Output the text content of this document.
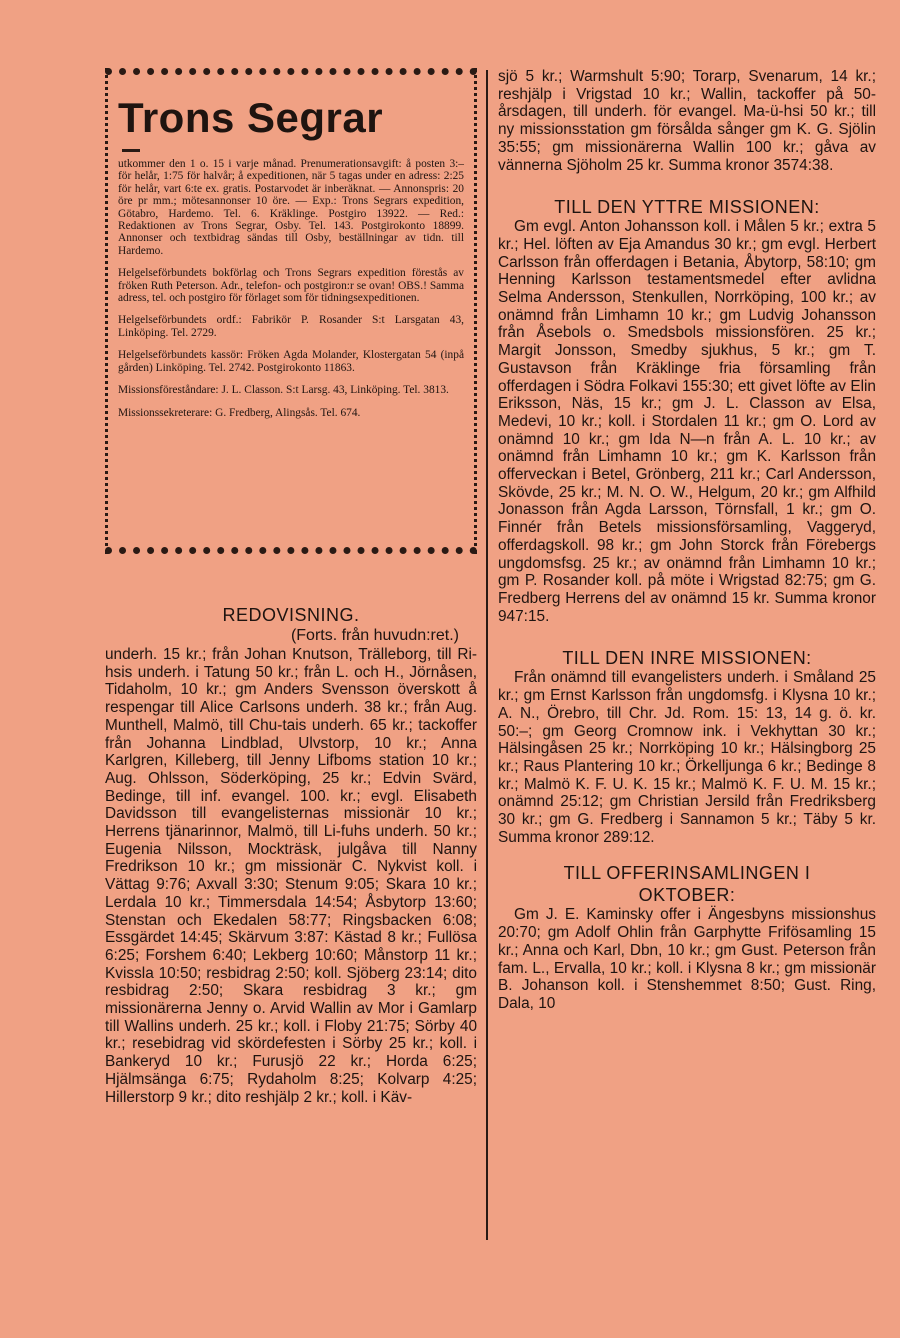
Trons Segrar

utkommer den 1 o. 15 i varje månad. Prenumerationsavgift: å posten 3:– för helår, 1:75 för halvår; å expeditionen, när 5 tagas under en adress: 2:25 för helår, vart 6:te ex. gratis. Postarvodet är inberäknat. — Annonspris: 20 öre pr mm.; mötesannonser 10 öre. — Exp.: Trons Segrars expedition, Götabro, Hardemo. Tel. 6. Kräklinge. Postgiro 13922. — Red.: Redaktionen av Trons Segrar, Osby. Tel. 143. Postgirokonto 18899. Annonser och textbidrag sändas till Osby, beställningar av tidn. till Hardemo.

Helgelseförbundets bokförlag och Trons Segrars expedition förestås av fröken Ruth Peterson. Adr., telefon- och postgiron:r se ovan! OBS.! Samma adress, tel. och postgiro för förlaget som för tidningsexpeditionen.

Helgelseförbundets ordf.: Fabrikör P. Rosander S:t Larsgatan 43, Linköping. Tel. 2729.

Helgelseförbundets kassör: Fröken Agda Molander, Klostergatan 54 (inpå gården) Linköping. Tel. 2742. Postgirokonto 11863.

Missionsföreståndare: J. L. Classon. S:t Larsg. 43, Linköping. Tel. 3813.

Missionssekreterare: G. Fredberg, Alingsås. Tel. 674.

REDOVISNING.
(Forts. från huvudn:ret.)

underh. 15 kr.; från Johan Knutson, Trälleborg, till Ri-hsis underh. i Tatung 50 kr.; från L. och H., Jörnåsen, Tidaholm, 10 kr.; gm Anders Svensson överskott å respengar till Alice Carlsons underh. 38 kr.; från Aug. Munthell, Malmö, till Chu-tais underh. 65 kr.; tackoffer från Johanna Lindblad, Ulvstorp, 10 kr.; Anna Karlgren, Killeberg, till Jenny Lifboms station 10 kr.; Aug. Ohlsson, Söderköping, 25 kr.; Edvin Svärd, Bedinge, till inf. evangel. 100. kr.; evgl. Elisabeth Davidsson till evangelisternas missionär 10 kr.; Herrens tjänarinnor, Malmö, till Li-fuhs underh. 50 kr.; Eugenia Nilsson, Mockträsk, julgåva till Nanny Fredrikson 10 kr.; gm missionär C. Nykvist koll. i Vättag 9:76; Axvall 3:30; Stenum 9:05; Skara 10 kr.; Lerdala 10 kr.; Timmersdala 14:54; Åsbytorp 13:60; Stenstan och Ekedalen 58:77; Ringsbacken 6:08; Essgärdet 14:45; Skärvum 3:87: Kästad 8 kr.; Fullösa 6:25; Forshem 6:40; Lekberg 10:60; Månstorp 11 kr.; Kvissla 10:50; resbidrag 2:50; koll. Sjöberg 23:14; dito resbidrag 2:50; Skara resbidrag 3 kr.; gm missionärerna Jenny o. Arvid Wallin av Mor i Gamlarp till Wallins underh. 25 kr.; koll. i Floby 21:75; Sörby 40 kr.; resebidrag vid skördefesten i Sörby 25 kr.; koll. i Bankeryd 10 kr.; Furusjö 22 kr.; Horda 6:25; Hjälmsänga 6:75; Rydaholm 8:25; Kolvarp 4:25; Hillerstorp 9 kr.; dito reshjälp 2 kr.; koll. i Käv-

sjö 5 kr.; Warmshult 5:90; Torarp, Svenarum, 14 kr.; reshjälp i Vrigstad 10 kr.; Wallin, tackoffer på 50-årsdagen, till underh. för evangel. Ma-ü-hsi 50 kr.; till ny missionsstation gm försålda sånger gm K. G. Sjölin 35:55; gm missionärerna Wallin 100 kr.; gåva av vännerna Sjöholm 25 kr. Summa kronor 3574:38.

TILL DEN YTTRE MISSIONEN:

Gm evgl. Anton Johansson koll. i Målen 5 kr.; extra 5 kr.; Hel. löften av Eja Amandus 30 kr.; gm evgl. Herbert Carlsson från offerdagen i Betania, Åbytorp, 58:10; gm Henning Karlsson testamentsmedel efter avlidna Selma Andersson, Stenkullen, Norrköping, 100 kr.; av onämnd från Limhamn 10 kr.; gm Ludvig Johansson från Åsebols o. Smedsbols missionsfören. 25 kr.; Margit Jonsson, Smedby sjukhus, 5 kr.; gm T. Gustavson från Kräklinge fria församling från offerdagen i Södra Folkavi 155:30; ett givet löfte av Elin Eriksson, Näs, 15 kr.; gm J. L. Classon av Elsa, Medevi, 10 kr.; koll. i Stordalen 11 kr.; gm O. Lord av onämnd 10 kr.; gm Ida N—n från A. L. 10 kr.; av onämnd från Limhamn 10 kr.; gm K. Karlsson från offerveckan i Betel, Grönberg, 211 kr.; Carl Andersson, Skövde, 25 kr.; M. N. O. W., Helgum, 20 kr.; gm Alfhild Jonasson från Agda Larsson, Törnsfall, 1 kr.; gm O. Finnér från Betels missionsförsamling, Vaggeryd, offerdagskoll. 98 kr.; gm John Storck från Förebergs ungdomsfsg. 25 kr.; av onämnd från Limhamn 10 kr.; gm P. Rosander koll. på möte i Wrigstad 82:75; gm G. Fredberg Herrens del av onämnd 15 kr. Summa kronor 947:15.

TILL DEN INRE MISSIONEN:

Från onämnd till evangelisters underh. i Småland 25 kr.; gm Ernst Karlsson från ungdomsfg. i Klysna 10 kr.; A. N., Örebro, till Chr. Jd. Rom. 15: 13, 14 g. ö. kr. 50:–; gm Georg Cromnow ink. i Vekhyttan 30 kr.; Hälsingåsen 25 kr.; Norrköping 10 kr.; Hälsingborg 25 kr.; Raus Plantering 10 kr.; Örkelljunga 6 kr.; Bedinge 8 kr.; Malmö K. F. U. K. 15 kr.; Malmö K. F. U. M. 15 kr.; onämnd 25:12; gm Christian Jersild från Fredriksberg 30 kr.; gm G. Fredberg i Sannamon 5 kr.; Täby 5 kr. Summa kronor 289:12.

TILL OFFERINSAMLINGEN I OKTOBER:

Gm J. E. Kaminsky offer i Ängesbyns missionshus 20:70; gm Adolf Ohlin från Garphytte Frifösamling 15 kr.; Anna och Karl, Dbn, 10 kr.; gm Gust. Peterson från fam. L., Ervalla, 10 kr.; koll. i Klysna 8 kr.; gm missionär B. Johanson koll. i Stenshemmet 8:50; Gust. Ring, Dala, 10
